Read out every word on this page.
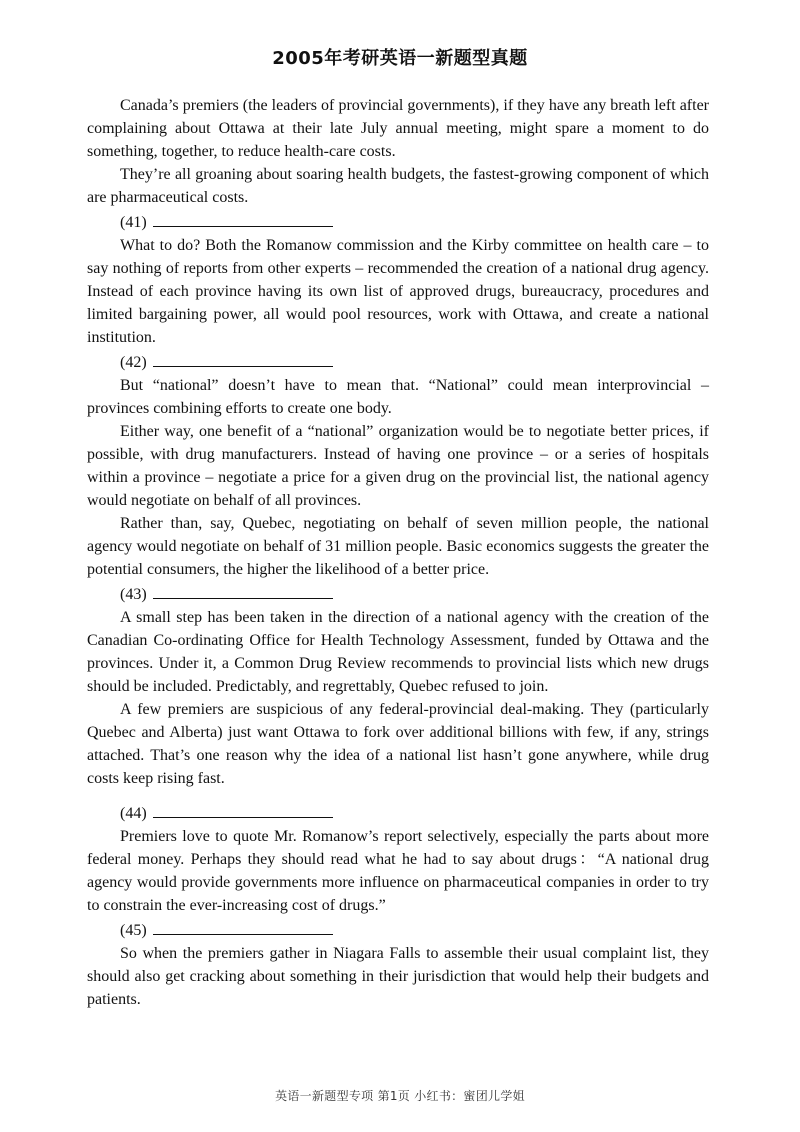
2005年考研英语一新题型真题

Canada’s premiers (the leaders of provincial governments), if they have any breath left after complaining about Ottawa at their late July annual meeting, might spare a moment to do something, together, to reduce health-care costs.

They’re all groaning about soaring health budgets, the fastest-growing component of which are pharmaceutical costs.

(41)

What to do? Both the Romanow commission and the Kirby committee on health care – to say nothing of reports from other experts – recommended the creation of a national drug agency. Instead of each province having its own list of approved drugs, bureaucracy, procedures and limited bargaining power, all would pool resources, work with Ottawa, and create a national institution.

(42)

But “national” doesn’t have to mean that. “National” could mean interprovincial – provinces combining efforts to create one body.

Either way, one benefit of a “national” organization would be to negotiate better prices, if possible, with drug manufacturers. Instead of having one province – or a series of hospitals within a province – negotiate a price for a given drug on the provincial list, the national agency would negotiate on behalf of all provinces.

Rather than, say, Quebec, negotiating on behalf of seven million people, the national agency would negotiate on behalf of 31 million people. Basic economics suggests the greater the potential consumers, the higher the likelihood of a better price.

(43)

A small step has been taken in the direction of a national agency with the creation of the Canadian Co-ordinating Office for Health Technology Assessment, funded by Ottawa and the provinces. Under it, a Common Drug Review recommends to provincial lists which new drugs should be included. Predictably, and regrettably, Quebec refused to join.

A few premiers are suspicious of any federal-provincial deal-making. They (particularly Quebec and Alberta) just want Ottawa to fork over additional billions with few, if any, strings attached. That’s one reason why the idea of a national list hasn’t gone anywhere, while drug costs keep rising fast.

(44)

Premiers love to quote Mr. Romanow’s report selectively, especially the parts about more federal money. Perhaps they should read what he had to say about drugs：“A national drug agency would provide governments more influence on pharmaceutical companies in order to try to constrain the ever-increasing cost of drugs.”

(45)

So when the premiers gather in Niagara Falls to assemble their usual complaint list, they should also get cracking about something in their jurisdiction that would help their budgets and patients.

英语一新题型专项 第1页 小红书：蜜团儿学姐
